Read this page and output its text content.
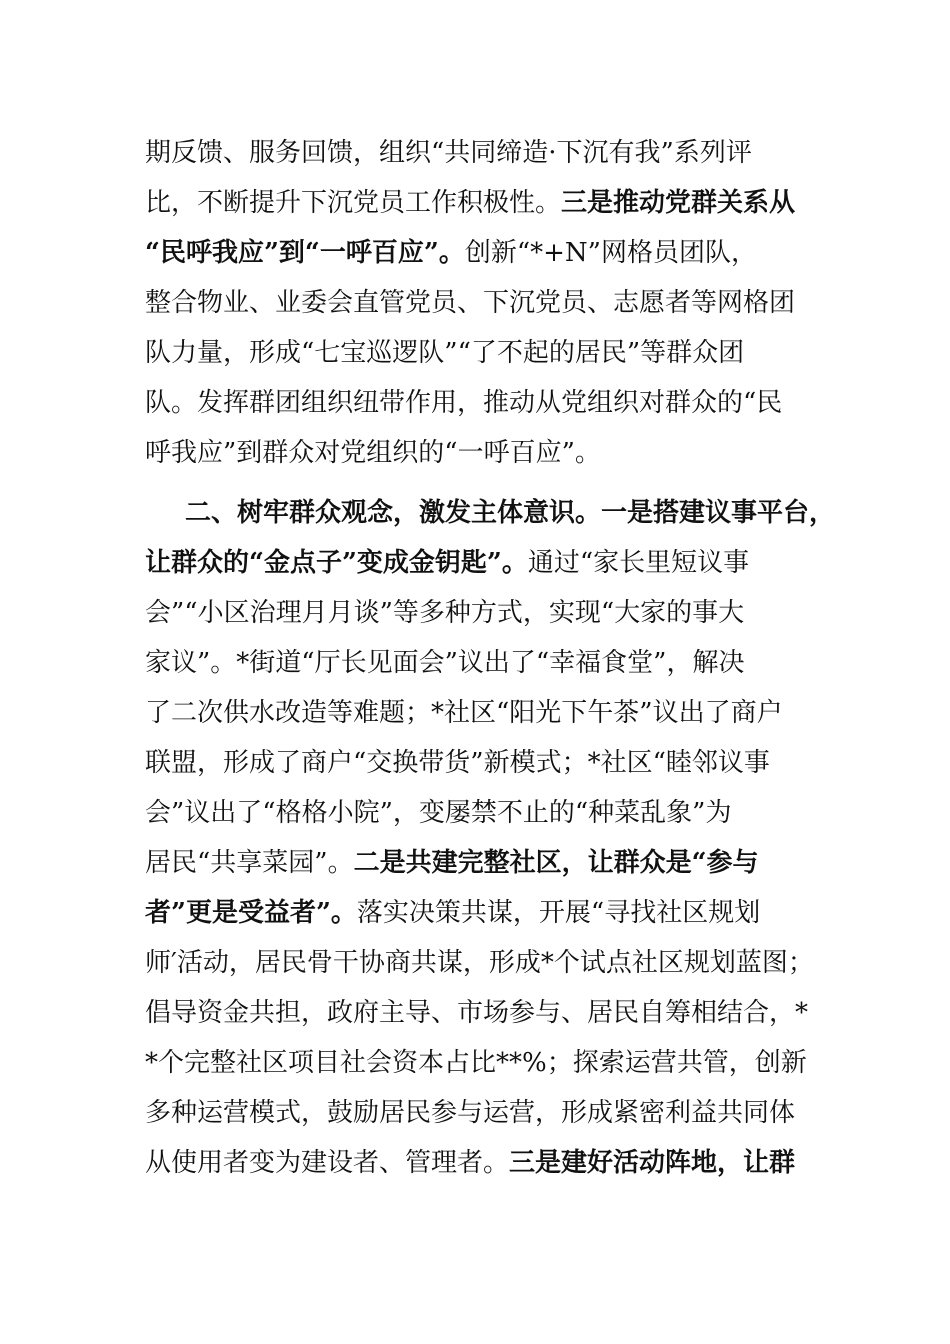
期反馈、服务回馈，组织“共同缔造·下沉有我”系列评
比，不断提升下沉党员工作积极性。三是推动党群关系从
“民呼我应”到“一呼百应”。创新“*+N”网格员团队，
整合物业、业委会直管党员、下沉党员、志愿者等网格团
队力量，形成“七宝巡逻队”“了不起的居民”等群众团
队。发挥群团组织纽带作用，推动从党组织对群众的“民
呼我应”到群众对党组织的“一呼百应”。
二、树牢群众观念，激发主体意识。一是搭建议事平台，
让群众的“金点子”变成金钥匙”。通过“家长里短议事
会”“小区治理月月谈”等多种方式，实现“大家的事大
家议”。*街道“厅长见面会”议出了“幸福食堂”，解决
了二次供水改造等难题；*社区“阳光下午茶”议出了商户
联盟，形成了商户“交换带货”新模式；*社区“睦邻议事
会”议出了“格格小院”，变屡禁不止的“种菜乱象”为
居民“共享菜园”。二是共建完整社区，让群众是“参与
者”更是受益者”。落实决策共谋，开展“寻找社区规划
师′活动，居民骨干协商共谋，形成*个试点社区规划蓝图；
倡导资金共担，政府主导、市场参与、居民自筹相结合，*
*个完整社区项目社会资本占比**%；探索运营共管，创新
多种运营模式，鼓励居民参与运营，形成紧密利益共同体
从使用者变为建设者、管理者。三是建好活动阵地，让群
